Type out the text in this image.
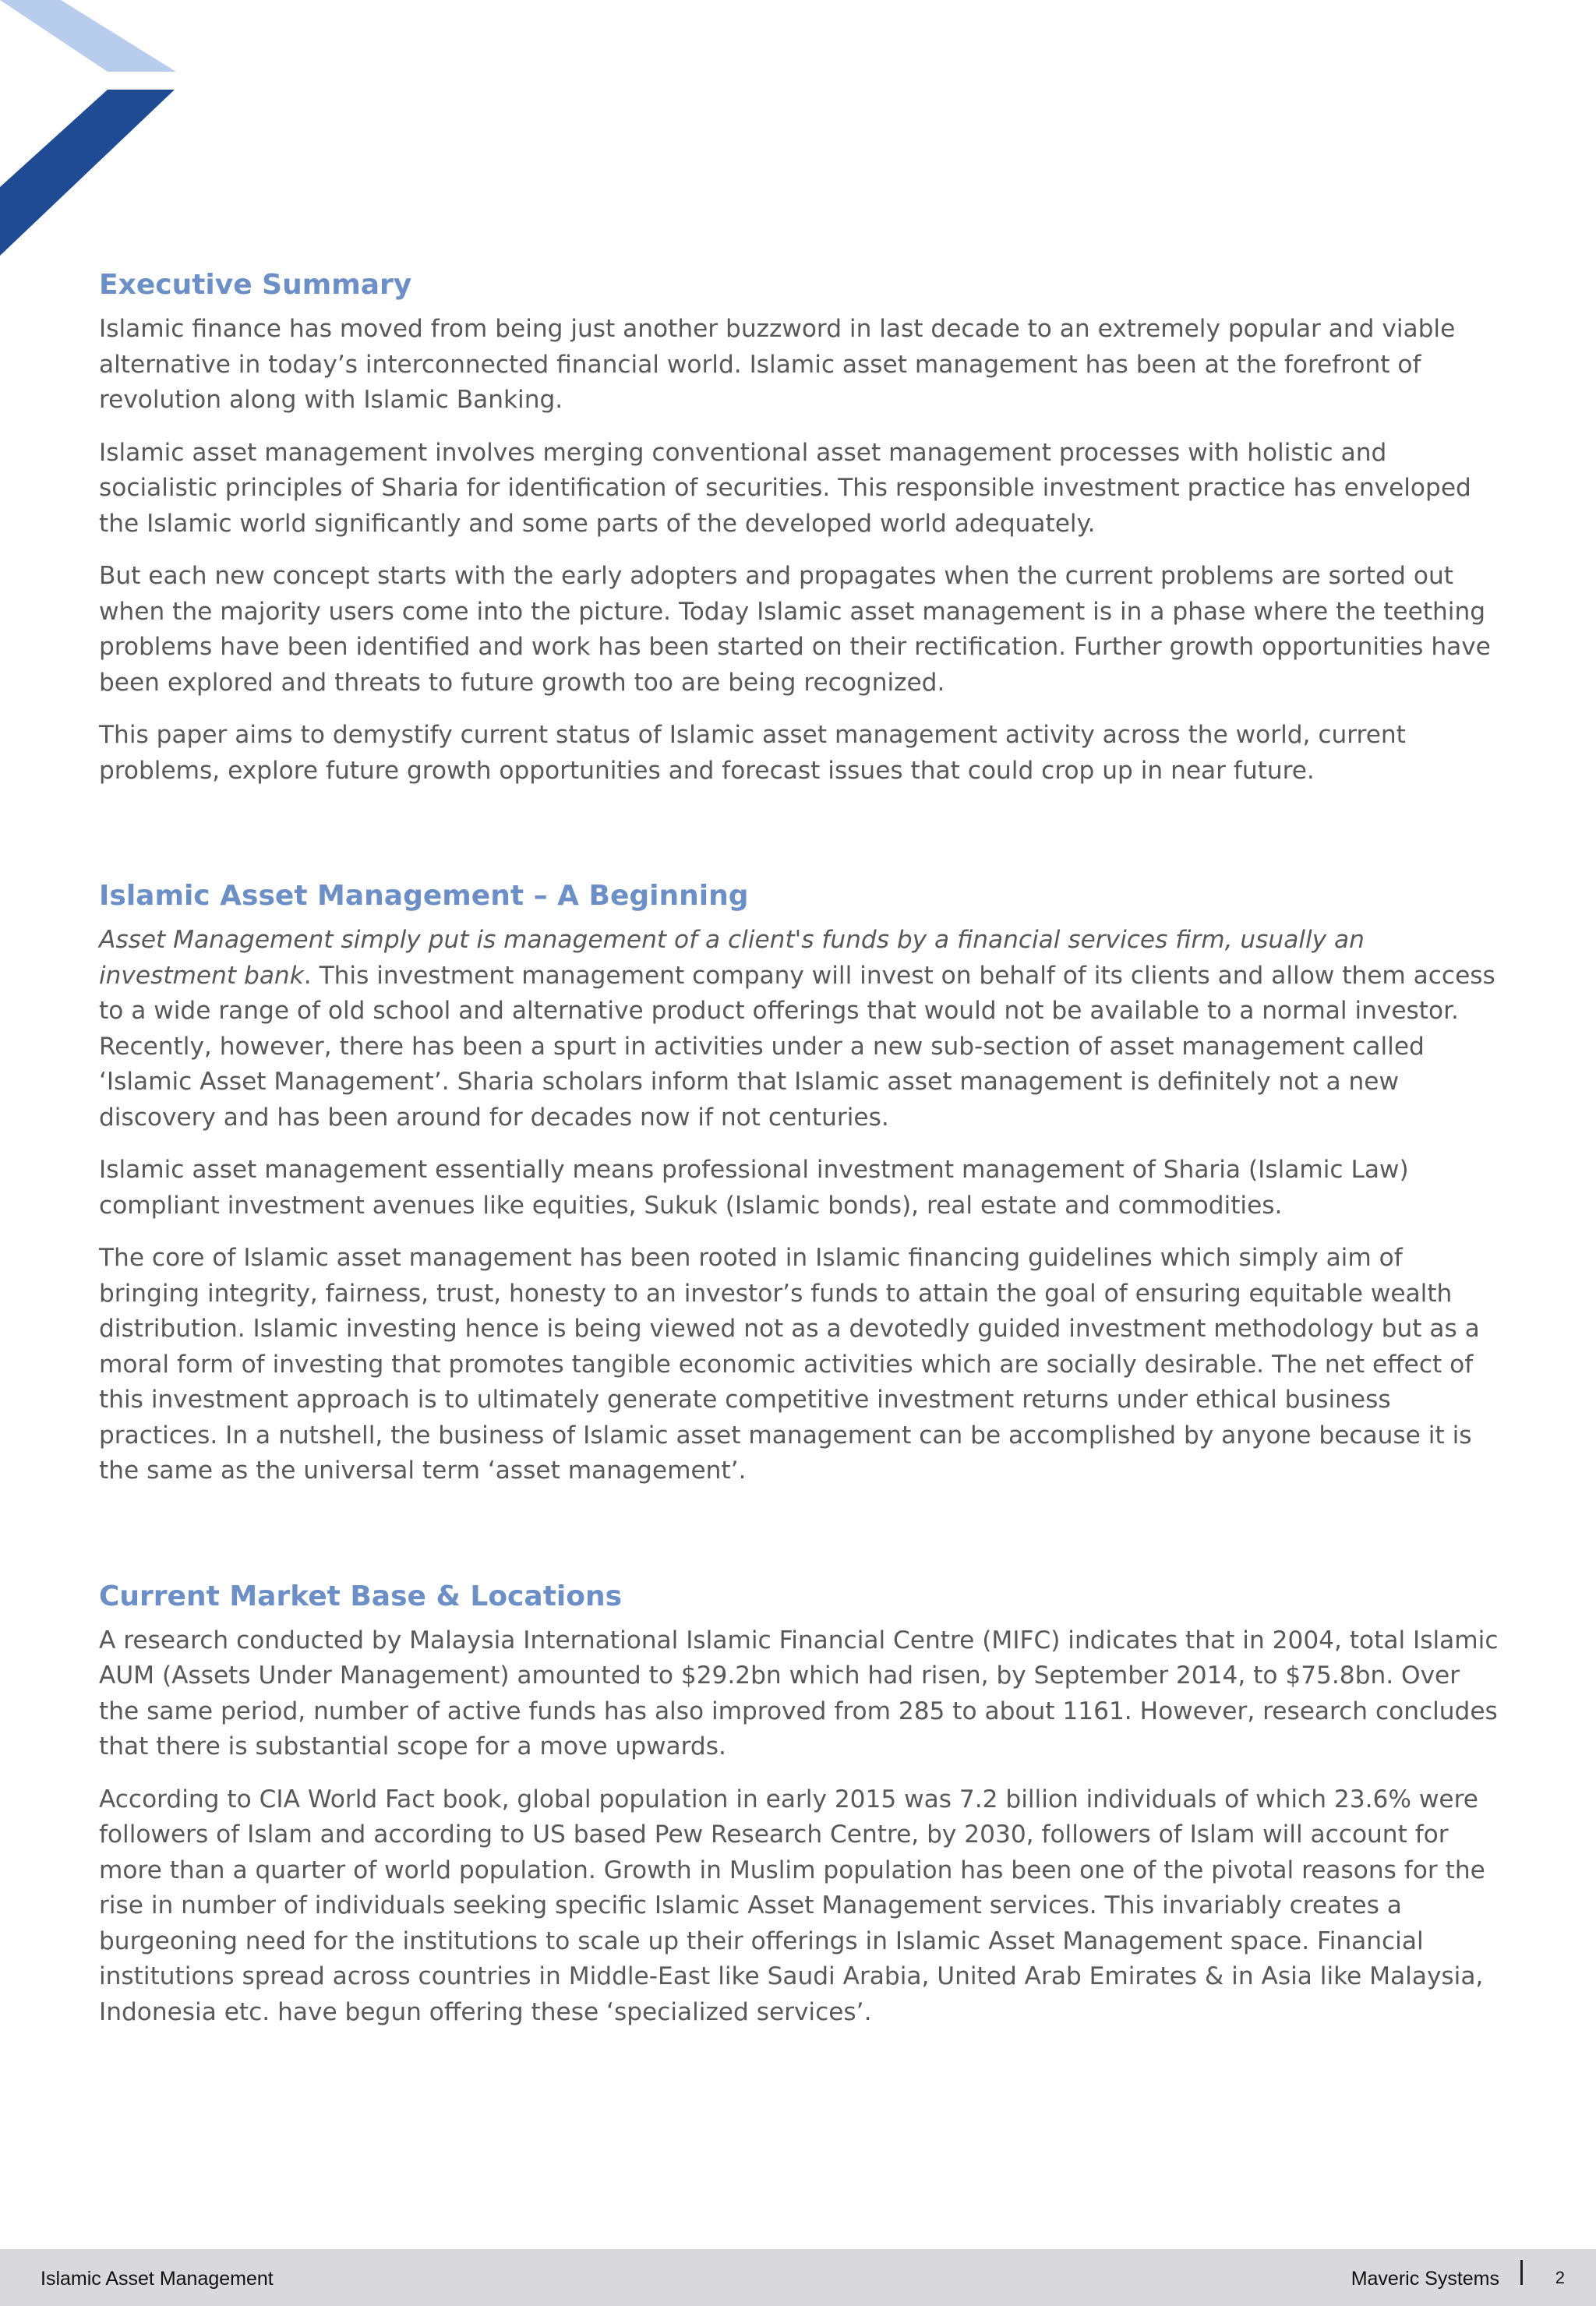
Executive Summary

Islamic finance has moved from being just another buzzword in last decade to an extremely popular and viable alternative in today’s interconnected financial world. Islamic asset management has been at the forefront of revolution along with Islamic Banking.

Islamic asset management involves merging conventional asset management processes with holistic and socialistic principles of Sharia for identification of securities. This responsible investment practice has enveloped the Islamic world significantly and some parts of the developed world adequately.

But each new concept starts with the early adopters and propagates when the current problems are sorted out when the majority users come into the picture. Today Islamic asset management is in a phase where the teething problems have been identified and work has been started on their rectification. Further growth opportunities have been explored and threats to future growth too are being recognized.

This paper aims to demystify current status of Islamic asset management activity across the world, current problems, explore future growth opportunities and forecast issues that could crop up in near future.

Islamic Asset Management – A Beginning

Asset Management simply put is management of a client's funds by a financial services firm, usually an investment bank. This investment management company will invest on behalf of its clients and allow them access to a wide range of old school and alternative product offerings that would not be available to a normal investor. Recently, however, there has been a spurt in activities under a new sub-section of asset management called ‘Islamic Asset Management’. Sharia scholars inform that Islamic asset management is definitely not a new discovery and has been around for decades now if not centuries.

Islamic asset management essentially means professional investment management of Sharia (Islamic Law) compliant investment avenues like equities, Sukuk (Islamic bonds), real estate and commodities.

The core of Islamic asset management has been rooted in Islamic financing guidelines which simply aim of bringing integrity, fairness, trust, honesty to an investor’s funds to attain the goal of ensuring equitable wealth distribution. Islamic investing hence is being viewed not as a devotedly guided investment methodology but as a moral form of investing that promotes tangible economic activities which are socially desirable. The net effect of this investment approach is to ultimately generate competitive investment returns under ethical business practices. In a nutshell, the business of Islamic asset management can be accomplished by anyone because it is the same as the universal term ‘asset management’.

Current Market Base & Locations

A research conducted by Malaysia International Islamic Financial Centre (MIFC) indicates that in 2004, total Islamic AUM (Assets Under Management) amounted to $29.2bn which had risen, by September 2014, to $75.8bn. Over the same period, number of active funds has also improved from 285 to about 1161. However, research concludes that there is substantial scope for a move upwards.

According to CIA World Fact book, global population in early 2015 was 7.2 billion individuals of which 23.6% were followers of Islam and according to US based Pew Research Centre, by 2030, followers of Islam will account for more than a quarter of world population. Growth in Muslim population has been one of the pivotal reasons for the rise in number of individuals seeking specific Islamic Asset Management services. This invariably creates a burgeoning need for the institutions to scale up their offerings in Islamic Asset Management space. Financial institutions spread across countries in Middle-East like Saudi Arabia, United Arab Emirates & in Asia like Malaysia, Indonesia etc. have begun offering these ‘specialized services’.

Islamic Asset Management	Maveric Systems	2
